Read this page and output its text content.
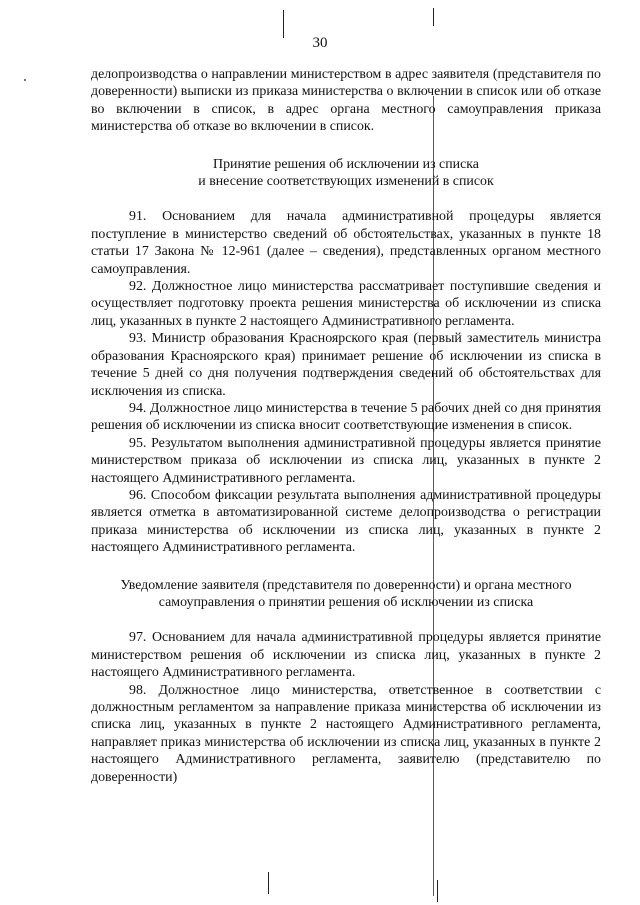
30

делопроизводства о направлении министерством в адрес заявителя (представителя по доверенности) выписки из приказа министерства о включении в список или об отказе во включении в список, в адрес органа местного самоуправления приказа министерства об отказе во включении в список.

Принятие решения об исключении из списка
и внесение соответствующих изменений в список

91. Основанием для начала административной процедуры является поступление в министерство сведений об обстоятельствах, указанных в пункте 18 статьи 17 Закона № 12-961 (далее – сведения), представленных органом местного самоуправления.

92. Должностное лицо министерства рассматривает поступившие сведения и осуществляет подготовку проекта решения министерства об исключении из списка лиц, указанных в пункте 2 настоящего Административного регламента.

93. Министр образования Красноярского края (первый заместитель министра образования Красноярского края) принимает решение об исключении из списка в течение 5 дней со дня получения подтверждения сведений об обстоятельствах для исключения из списка.

94. Должностное лицо министерства в течение 5 рабочих дней со дня принятия решения об исключении из списка вносит соответствующие изменения в список.

95. Результатом выполнения административной процедуры является принятие министерством приказа об исключении из списка лиц, указанных в пункте 2 настоящего Административного регламента.

96. Способом фиксации результата выполнения административной процедуры является отметка в автоматизированной системе делопроизводства о регистрации приказа министерства об исключении из списка лиц, указанных в пункте 2 настоящего Административного регламента.

Уведомление заявителя (представителя по доверенности) и органа местного
самоуправления о принятии решения об исключении из списка

97. Основанием для начала административной процедуры является принятие министерством решения об исключении из списка лиц, указанных в пункте 2 настоящего Административного регламента.

98. Должностное лицо министерства, ответственное в соответствии с должностным регламентом за направление приказа министерства об исключении из списка лиц, указанных в пункте 2 настоящего Административного регламента, направляет приказ министерства об исключении из списка лиц, указанных в пункте 2 настоящего Административного регламента, заявителю (представителю по доверенности)
